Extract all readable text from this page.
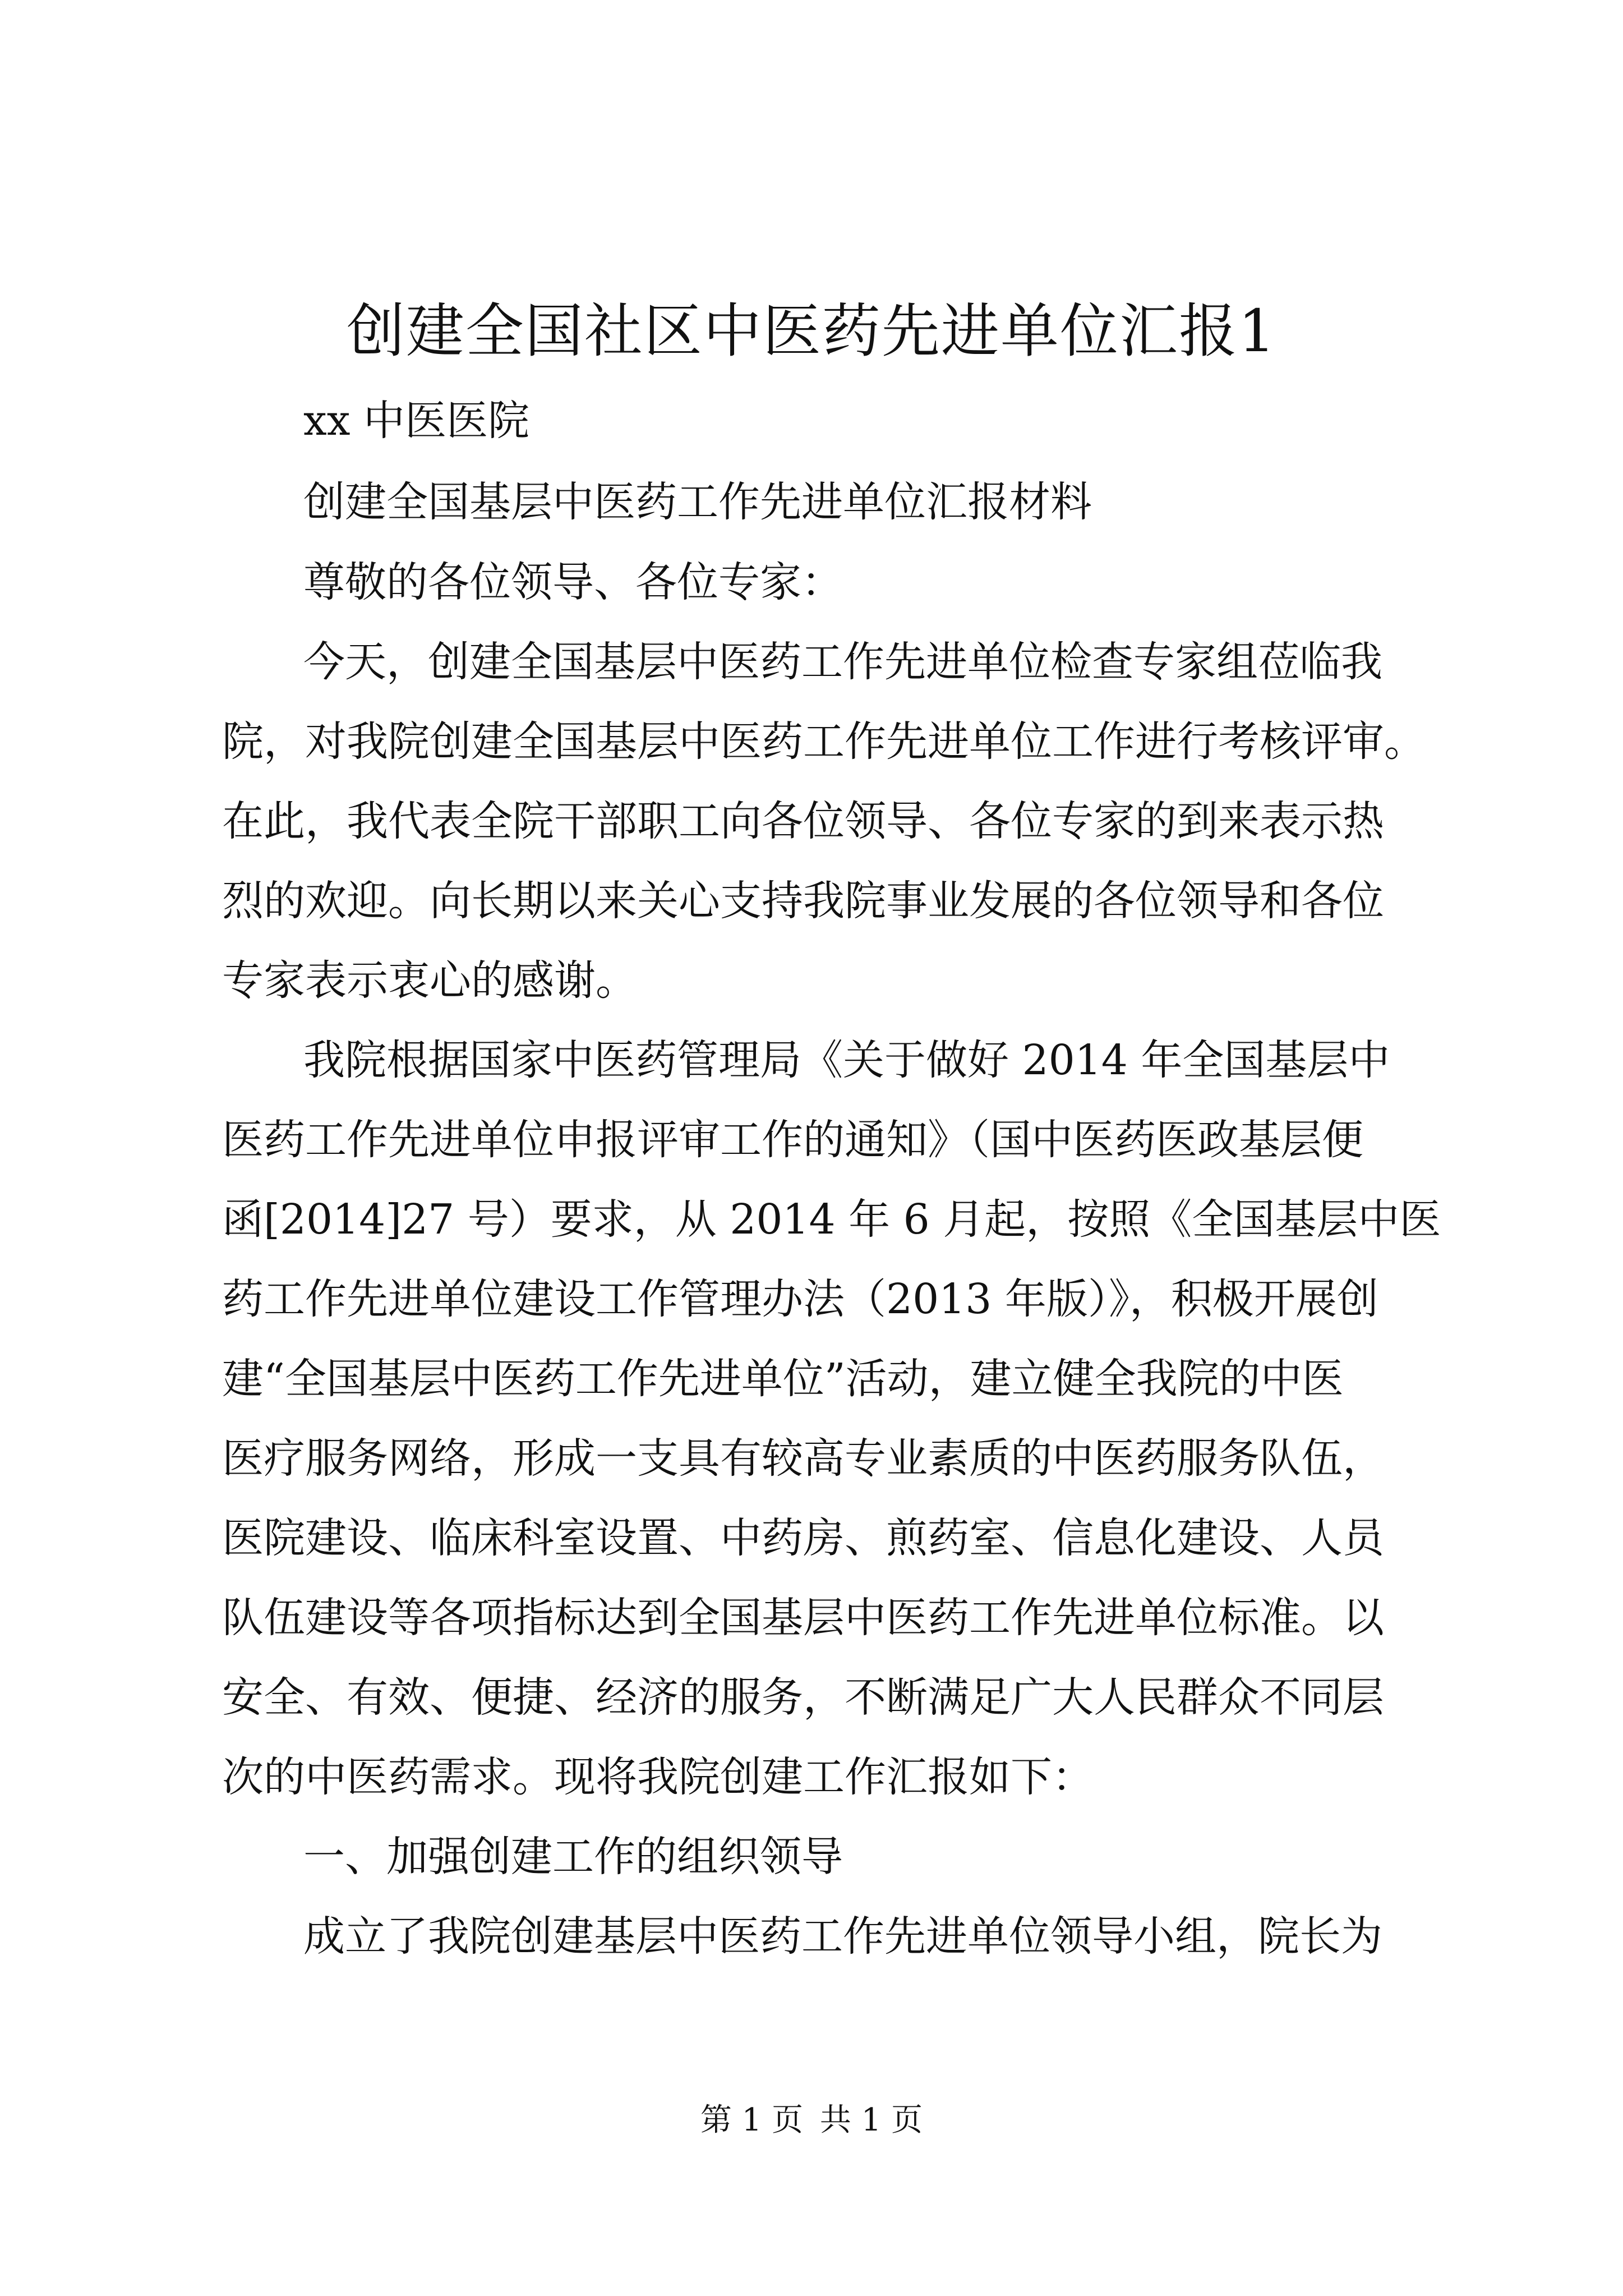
创建全国社区中医药先进单位汇报1

xx 中医医院

创建全国基层中医药工作先进单位汇报材料

尊敬的各位领导、各位专家：

今天，创建全国基层中医药工作先进单位检查专家组莅临我

院，对我院创建全国基层中医药工作先进单位工作进行考核评审。

在此，我代表全院干部职工向各位领导、各位专家的到来表示热

烈的欢迎。向长期以来关心支持我院事业发展的各位领导和各位

专家表示衷心的感谢。

我院根据国家中医药管理局《关于做好 2014 年全国基层中

医药工作先进单位申报评审工作的通知》（国中医药医政基层便

函[2014]27 号）要求，从 2014 年 6 月起，按照《全国基层中医

药工作先进单位建设工作管理办法（2013 年版）》，积极开展创

建“全国基层中医药工作先进单位”活动，建立健全我院的中医

医疗服务网络，形成一支具有较高专业素质的中医药服务队伍，

医院建设、临床科室设置、中药房、煎药室、信息化建设、人员

队伍建设等各项指标达到全国基层中医药工作先进单位标准。以

安全、有效、便捷、经济的服务，不断满足广大人民群众不同层

次的中医药需求。现将我院创建工作汇报如下：

一、加强创建工作的组织领导

成立了我院创建基层中医药工作先进单位领导小组，院长为

第 1 页 共 1 页
